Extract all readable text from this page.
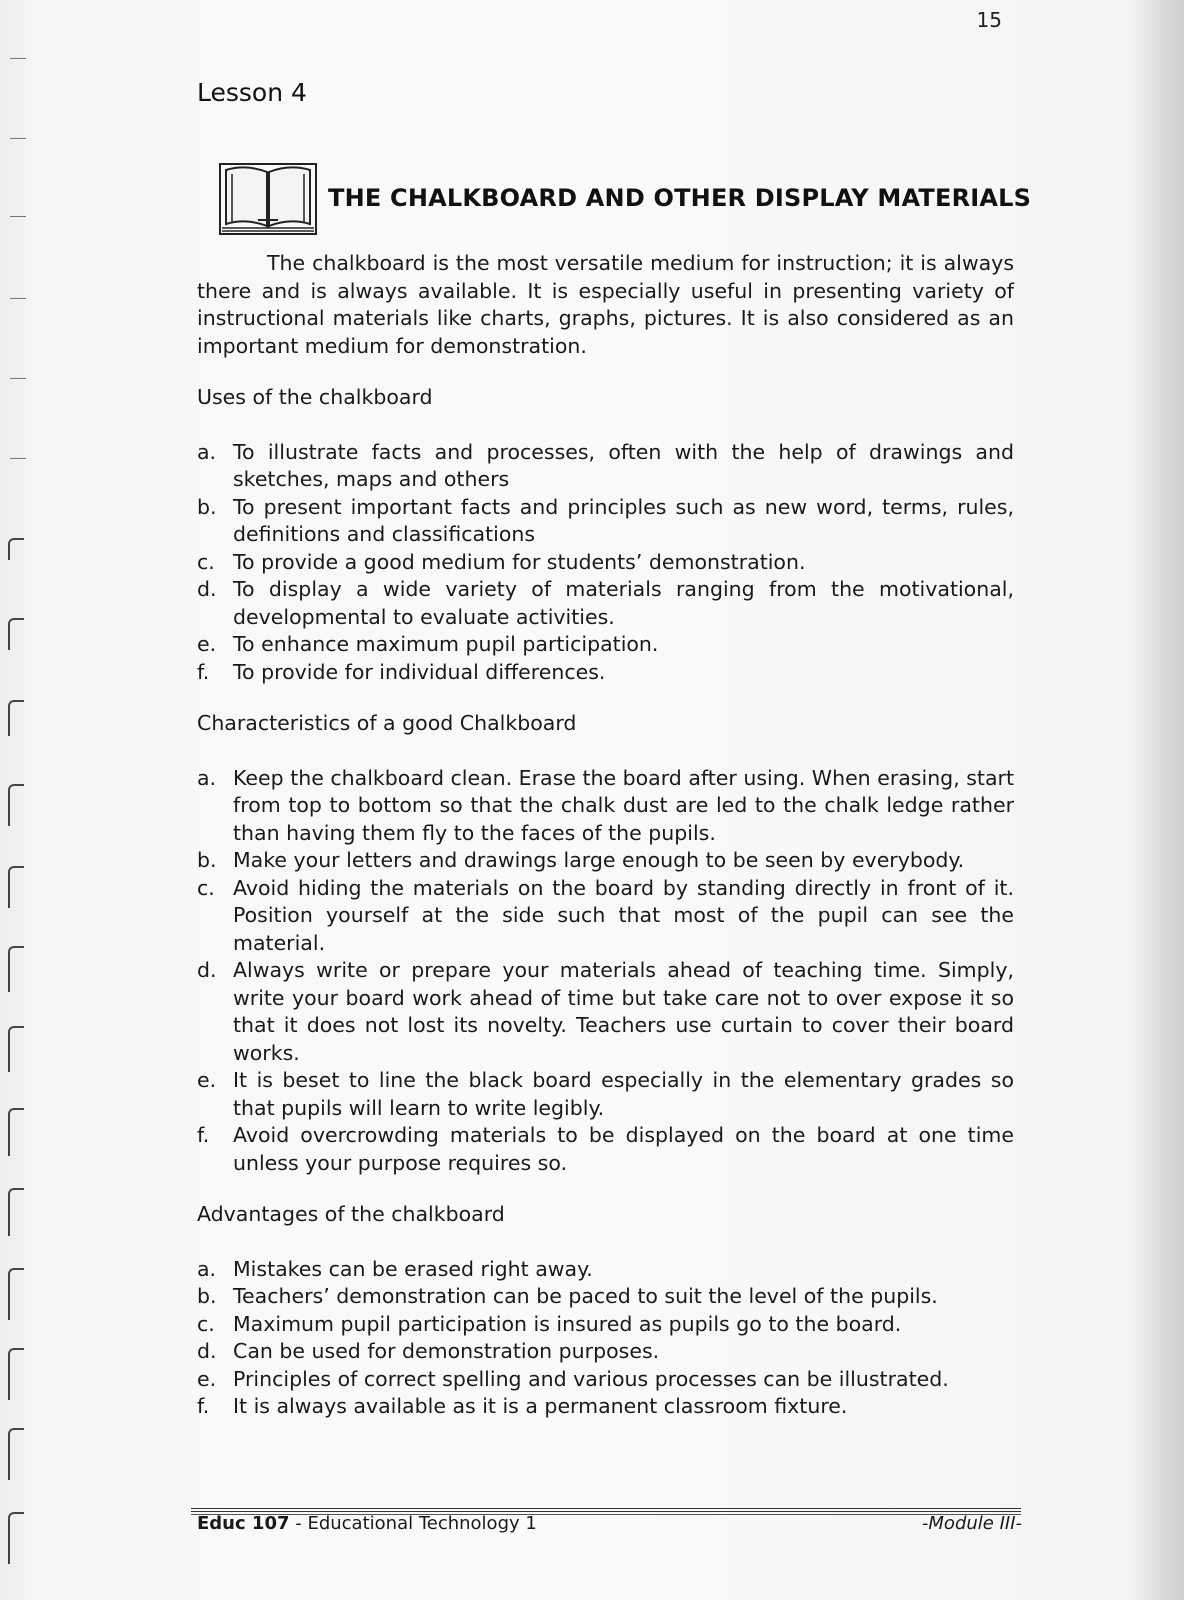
15
Lesson 4
THE CHALKBOARD AND OTHER DISPLAY MATERIALS

The chalkboard is the most versatile medium for instruction; it is always there and is always available. It is especially useful in presenting variety of instructional materials like charts, graphs, pictures. It is also considered as an important medium for demonstration.

Uses of the chalkboard
a. To illustrate facts and processes, often with the help of drawings and sketches, maps and others
b. To present important facts and principles such as new word, terms, rules, definitions and classifications
c. To provide a good medium for students’ demonstration.
d. To display a wide variety of materials ranging from the motivational, developmental to evaluate activities.
e. To enhance maximum pupil participation.
f.	To provide for individual differences.
Characteristics of a good Chalkboard
a. Keep the chalkboard clean. Erase the board after using. When erasing, start from top to bottom so that the chalk dust are led to the chalk ledge rather than having them fly to the faces of the pupils.
b. Make your letters and drawings large enough to be seen by everybody.
c. Avoid hiding the materials on the board by standing directly in front of it. Position yourself at the side such that most of the pupil can see the material.
d. Always write or prepare your materials ahead of teaching time. Simply, write your board work ahead of time but take care not to over expose it so that it does not lost its novelty. Teachers use curtain to cover their board works.
e. It is beset to line the black board especially in the elementary grades so that pupils will learn to write legibly.
f.	Avoid overcrowding materials to be displayed on the board at one time unless your purpose requires so.
Advantages of the chalkboard
a. Mistakes can be erased right away.
b. Teachers’ demonstration can be paced to suit the level of the pupils.
c. Maximum pupil participation is insured as pupils go to the board.
d. Can be used for demonstration purposes.
e. Principles of correct spelling and various processes can be illustrated.
f.	It is always available as it is a permanent classroom fixture.
Educ 107 - Educational Technology 1	-Module III-
